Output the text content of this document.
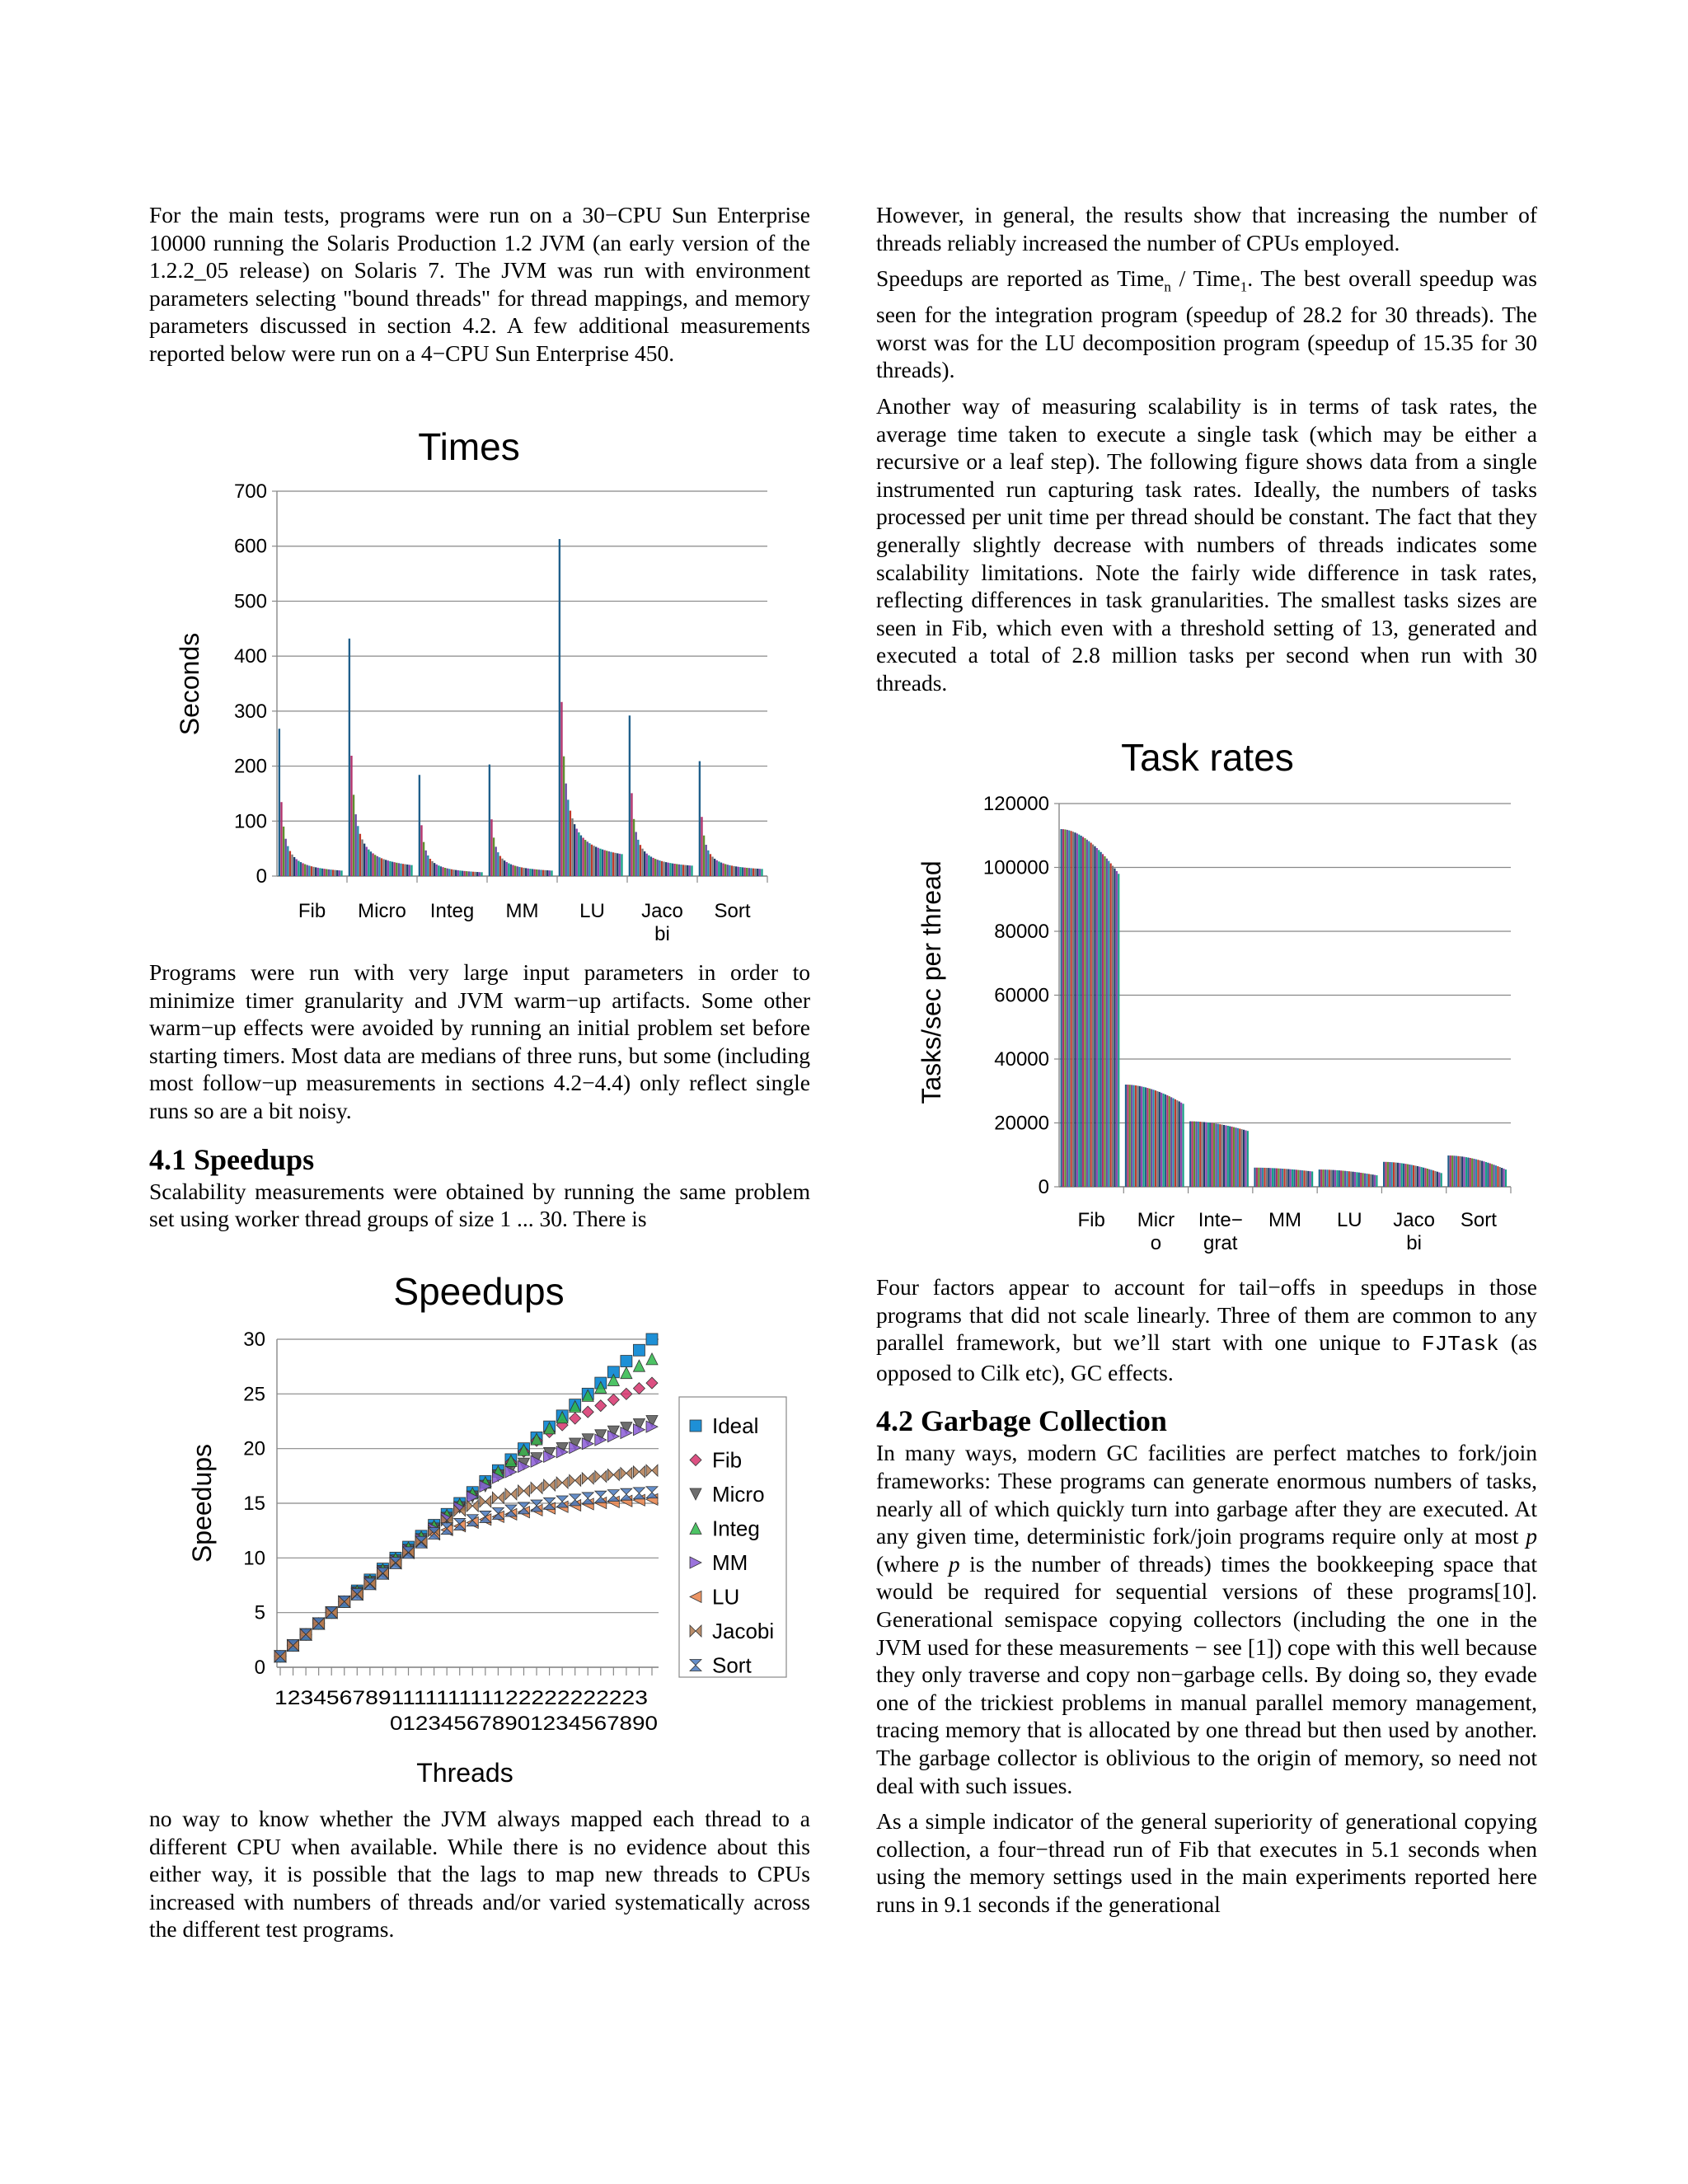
For the main tests, programs were run on a 30−CPU Sun Enterprise 10000 running the Solaris Production 1.2 JVM (an early version of the 1.2.2_05 release) on Solaris 7. The JVM was run with environment parameters selecting "bound threads" for thread mappings, and memory parameters discussed in section 4.2. A few additional measurements reported below were run on a 4−CPU Sun Enterprise 450.

Times
0
100
200
300
400
500
600
700
Seconds
Fib Micro Integ MM LU Jaco
bi
Sort

Programs were run with very large input parameters in order to minimize timer granularity and JVM warm−up artifacts. Some other warm−up effects were avoided by running an initial problem set before starting timers. Most data are medians of three runs, but some (including most follow−up measurements in sections 4.2−4.4) only reflect single runs so are a bit noisy.

4.1 Speedups

Scalability measurements were obtained by running the same problem set using worker thread groups of size 1 ... 30. There is

Speedups
0
5
10
15
20
25
30
123456789111111111122222222223
012345678901234567890
Threads
Speedups
Ideal
Fib
Micro
Integ
MM
LU
Jacobi
Sort

no way to know whether the JVM always mapped each thread to a different CPU when available. While there is no evidence about this either way, it is possible that the lags to map new threads to CPUs increased with numbers of threads and/or varied systematically across the different test programs.

However, in general, the results show that increasing the number of threads reliably increased the number of CPUs employed.

Speedups are reported as Time$_n$ / Time$_1$. The best overall speedup was seen for the integration program (speedup of 28.2 for 30 threads). The worst was for the LU decomposition program (speedup of 15.35 for 30 threads).

Another way of measuring scalability is in terms of task rates, the average time taken to execute a single task (which may be either a recursive or a leaf step). The following figure shows data from a single instrumented run capturing task rates. Ideally, the numbers of tasks processed per unit time per thread should be constant. The fact that they generally slightly decrease with numbers of threads indicates some scalability limitations. Note the fairly wide difference in task rates, reflecting differences in task granularities. The smallest tasks sizes are seen in Fib, which even with a threshold setting of 13, generated and executed a total of 2.8 million tasks per second when run with 30 threads.

Task rates
0
20000
40000
60000
80000
100000
120000
Tasks/sec per thread
Fib Micr
o
Inte−
grat
MM LU Jaco
bi
Sort

Four factors appear to account for tail−offs in speedups in those programs that did not scale linearly. Three of them are common to any parallel framework, but we’ll start with one unique to FJTask (as opposed to Cilk etc), GC effects.

4.2 Garbage Collection

In many ways, modern GC facilities are perfect matches to fork/join frameworks: These programs can generate enormous numbers of tasks, nearly all of which quickly turn into garbage after they are executed. At any given time, deterministic fork/join programs require only at most p (where p is the number of threads) times the bookkeeping space that would be required for sequential versions of these programs[10]. Generational semispace copying collectors (including the one in the JVM used for these measurements − see [1]) cope with this well because they only traverse and copy non−garbage cells. By doing so, they evade one of the trickiest problems in manual parallel memory management, tracing memory that is allocated by one thread but then used by another. The garbage collector is oblivious to the origin of memory, so need not deal with such issues.

As a simple indicator of the general superiority of generational copying collection, a four−thread run of Fib that executes in 5.1 seconds when using the memory settings used in the main experiments reported here runs in 9.1 seconds if the generational
